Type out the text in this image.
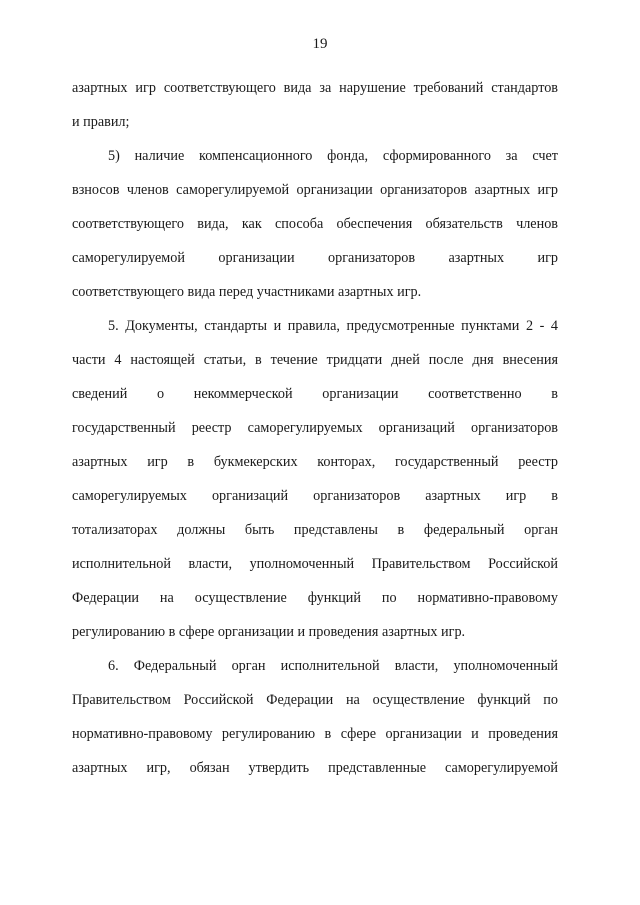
19
азартных игр соответствующего вида за нарушение требований стандартов
и правил;
5) наличие компенсационного фонда, сформированного за счет
взносов членов саморегулируемой организации организаторов азартных игр
соответствующего вида, как способа обеспечения обязательств членов
саморегулируемой организации организаторов азартных игр
соответствующего вида перед участниками азартных игр.
5. Документы, стандарты и правила, предусмотренные пунктами 2 - 4
части 4 настоящей статьи, в течение тридцати дней после дня внесения
сведений о некоммерческой организации соответственно в
государственный реестр саморегулируемых организаций организаторов
азартных игр в букмекерских конторах, государственный реестр
саморегулируемых организаций организаторов азартных игр в
тотализаторах должны быть представлены в федеральный орган
исполнительной власти, уполномоченный Правительством Российской
Федерации на осуществление функций по нормативно-правовому
регулированию в сфере организации и проведения азартных игр.
6. Федеральный орган исполнительной власти, уполномоченный
Правительством Российской Федерации на осуществление функций по
нормативно-правовому регулированию в сфере организации и проведения
азартных игр, обязан утвердить представленные саморегулируемой
